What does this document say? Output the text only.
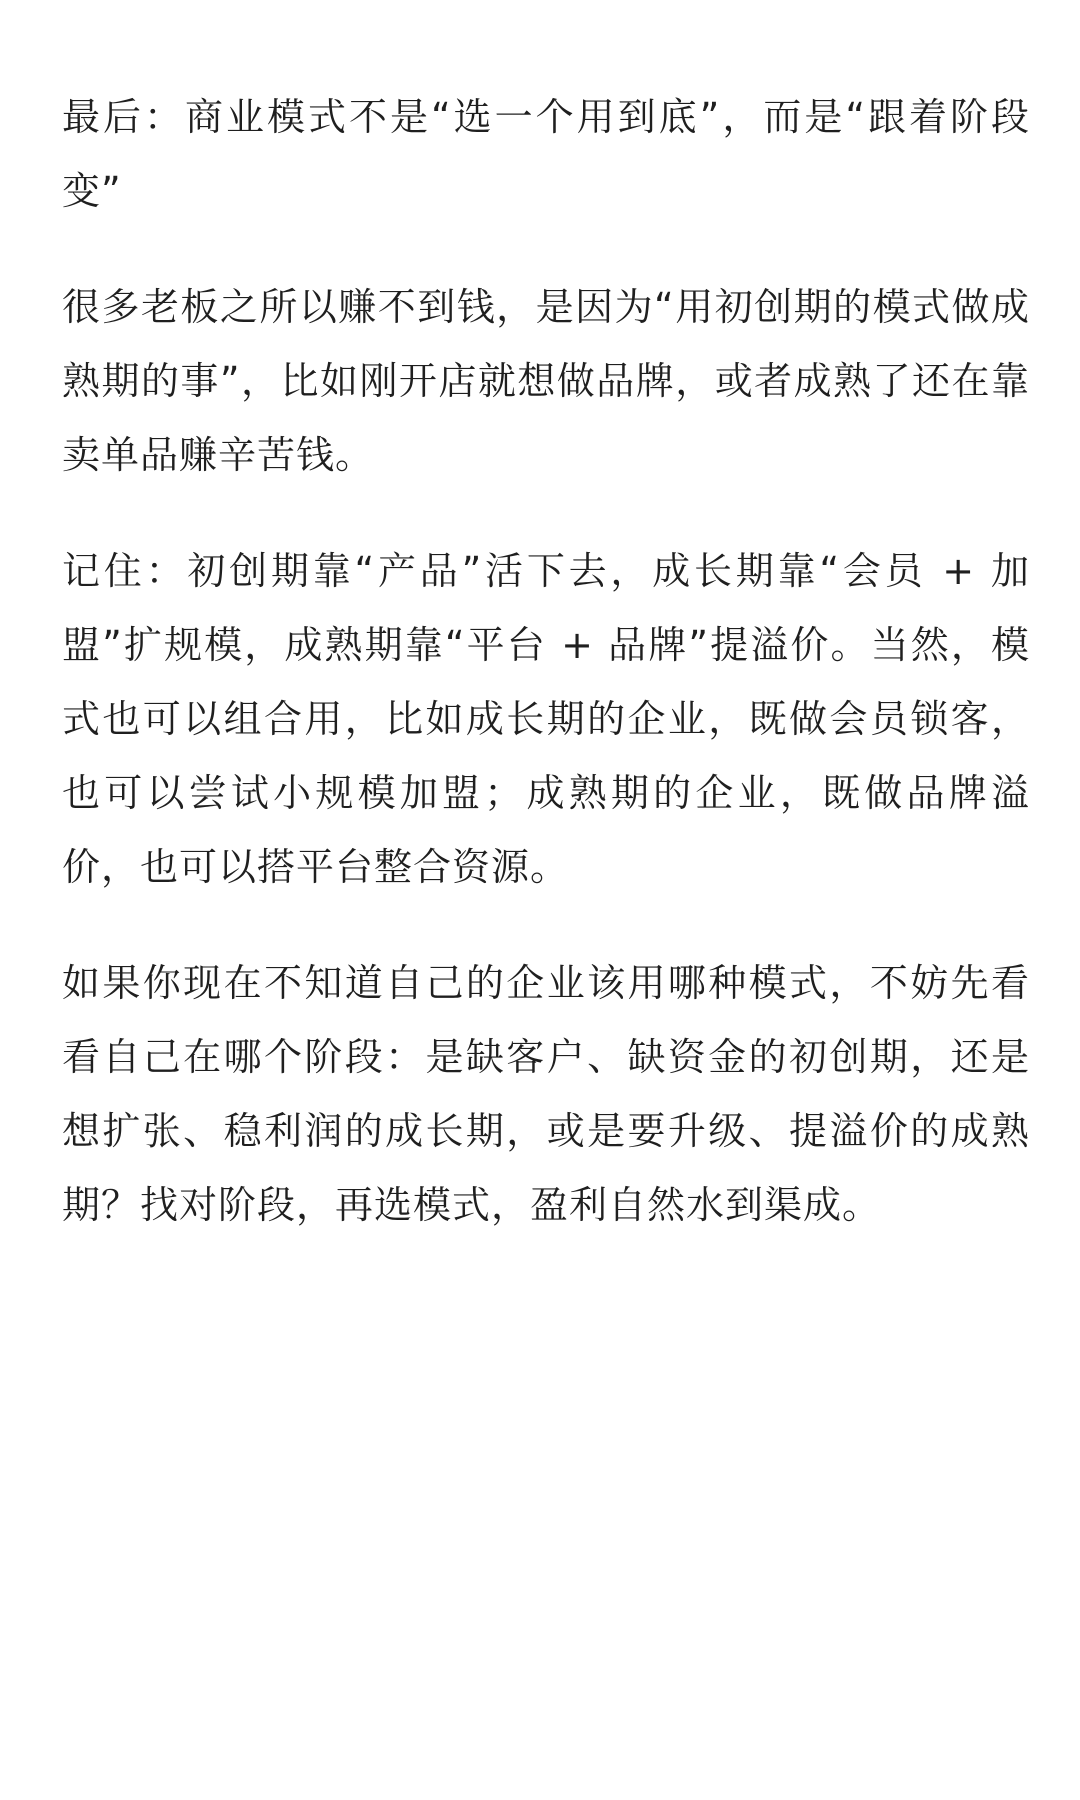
最后：商业模式不是“选一个用到底”，而是“跟着阶段变”

很多老板之所以赚不到钱，是因为“用初创期的模式做成熟期的事”，比如刚开店就想做品牌，或者成熟了还在靠卖单品赚辛苦钱。

记住：初创期靠“产品”活下去，成长期靠“会员 + 加盟”扩规模，成熟期靠“平台 + 品牌”提溢价。当然，模式也可以组合用，比如成长期的企业，既做会员锁客，也可以尝试小规模加盟；成熟期的企业，既做品牌溢价，也可以搭平台整合资源。

如果你现在不知道自己的企业该用哪种模式，不妨先看看自己在哪个阶段：是缺客户、缺资金的初创期，还是想扩张、稳利润的成长期，或是要升级、提溢价的成熟期？找对阶段，再选模式，盈利自然水到渠成。
